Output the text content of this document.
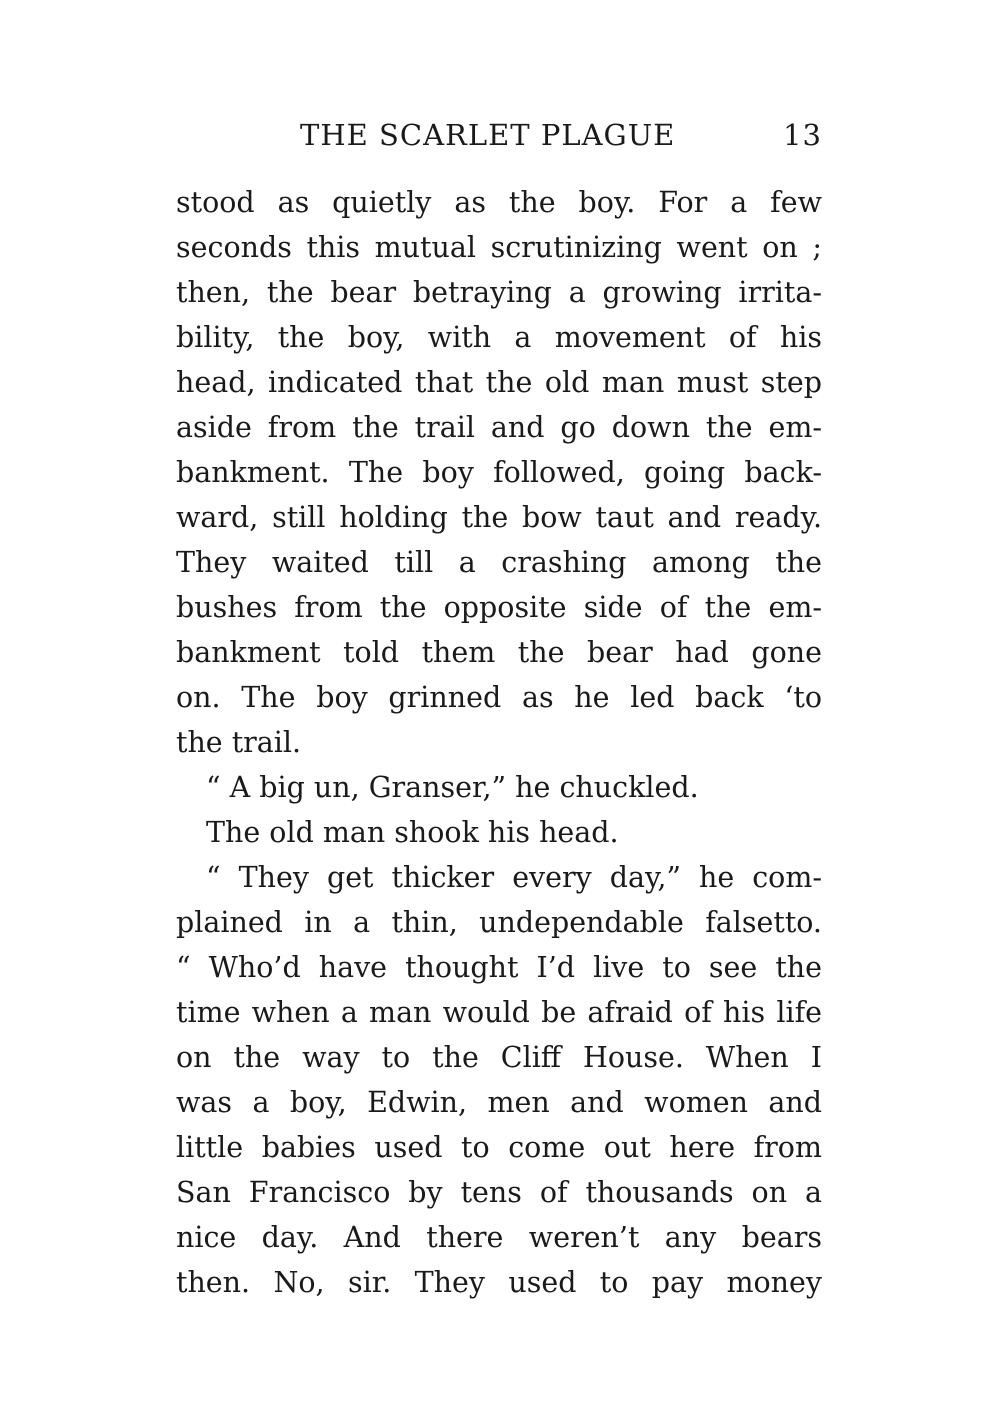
THE SCARLET PLAGUE	13
stood as quietly as the boy. For a few
seconds this mutual scrutinizing went on ;
then, the bear betraying a growing irrita-
bility, the boy, with a movement of his
head, indicated that the old man must step
aside from the trail and go down the em-
bankment. The boy followed, going back-
ward, still holding the bow taut and ready.
They waited till a crashing among the
bushes from the opposite side of the em-
bankment told them the bear had gone
on. The boy grinned as he led back ‘to
the trail.
“ A big un, Granser,” he chuckled.
The old man shook his head.
“ They get thicker every day,” he com-
plained in a thin, undependable falsetto.
“ Who’d have thought I’d live to see the
time when a man would be afraid of his life
on the way to the Cliff House. When I
was a boy, Edwin, men and women and
little babies used to come out here from
San Francisco by tens of thousands on a
nice day. And there weren’t any bears
then. No, sir. They used to pay money
